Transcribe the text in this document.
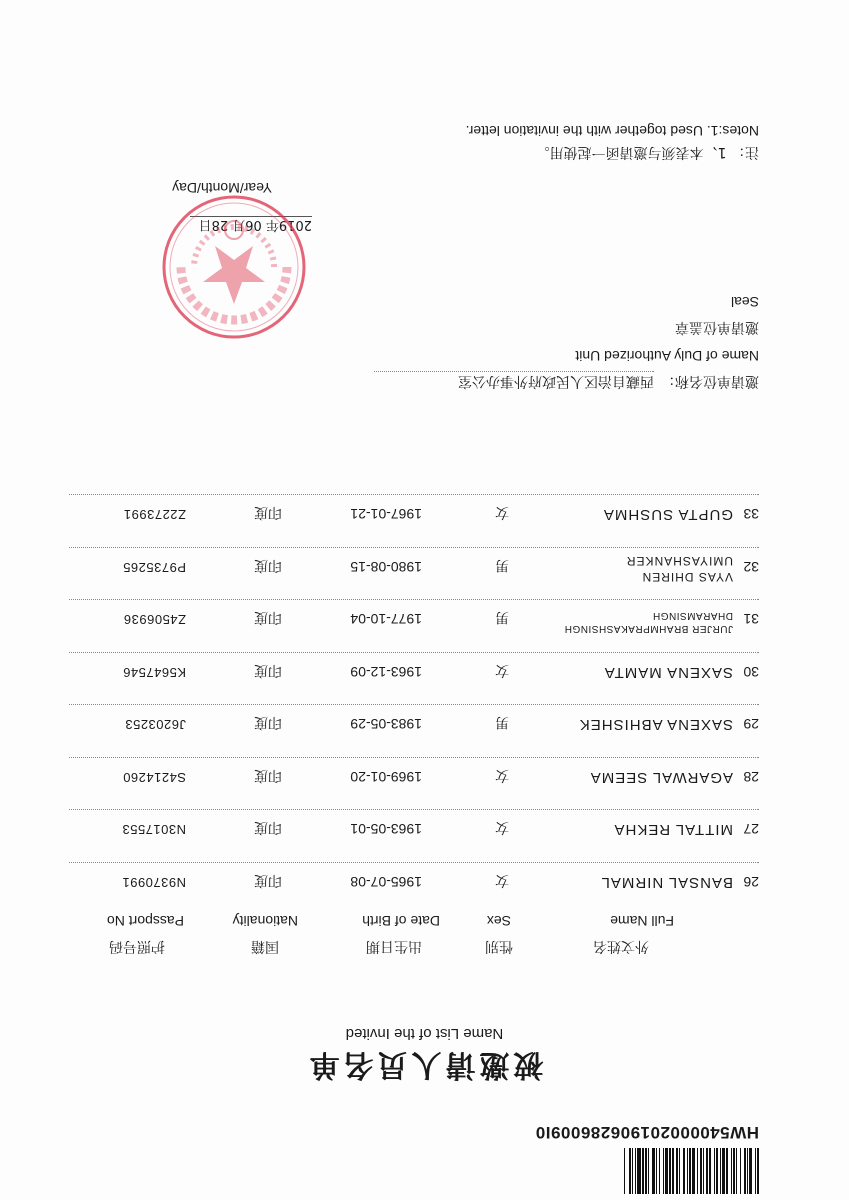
HW540000201906286009I0
被邀请人员名单
Name List of the Invited
外文姓名
Full Name
性别
Sex
出生日期
Date of Birth
国籍
Nationality
护照号码
Passport No
26
BANSAL NIRMAL
女
1965-07-08
印度
N9370991
27
MITTAL REKHA
女
1963-05-01
印度
N3017553
28
AGARWAL SEEMA
女
1969-01-20
印度
S4214260
29
SAXENA ABHISHEK
男
1983-05-29
印度
J6203253
30
SAXENA MAMTA
女
1963-12-09
印度
K5647546
31
JURJER BRAHMPRAKASHSINGH
DHARAMSINGH
男
1977-10-04
印度
Z4506936
32
VYAS DHIREN
UMIYASHANKER
男
1980-08-15
印度
P9735265
33
GUPTA SUSHMA
女
1967-01-21
印度
Z2273991
邀请单位名称：
西藏自治区人民政府外事办公室
Name of Duly Authorized Unit
邀请单位盖章
Seal
2019年 06月 28日
Year/Month/Day
注： 1、本表须与邀请函一起使用。
Notes:1. Used together with the invitation letter.
